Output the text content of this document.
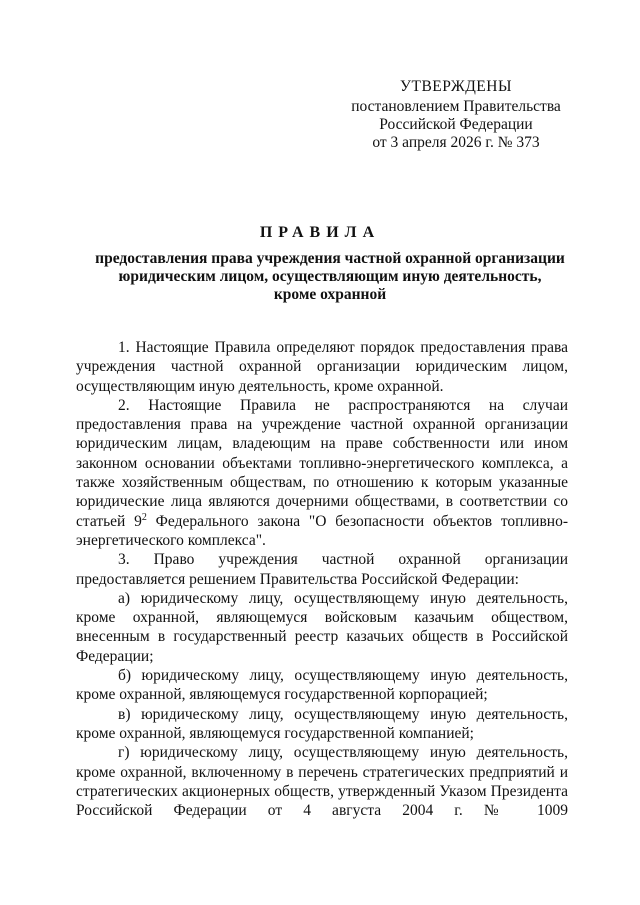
УТВЕРЖДЕНЫ
постановлением Правительства
Российской Федерации
от 3 апреля 2026 г. № 373
ПРАВИЛА
предоставления права учреждения частной охранной организации
юридическим лицом, осуществляющим иную деятельность,
кроме охранной

1. Настоящие Правила определяют порядок предоставления права учреждения частной охранной организации юридическим лицом, осуществляющим иную деятельность, кроме охранной.

2. Настоящие Правила не распространяются на случаи предоставления права на учреждение частной охранной организации юридическим лицам, владеющим на праве собственности или ином законном основании объектами топливно-энергетического комплекса, а также хозяйственным обществам, по отношению к которым указанные юридические лица являются дочерними обществами, в соответствии со статьей $9^2$ Федерального закона "О безопасности объектов топливно-энергетического комплекса".

3. Право учреждения частной охранной организации предоставляется решением Правительства Российской Федерации:

а) юридическому лицу, осуществляющему иную деятельность, кроме охранной, являющемуся войсковым казачьим обществом, внесенным в государственный реестр казачьих обществ в Российской Федерации;

б) юридическому лицу, осуществляющему иную деятельность, кроме охранной, являющемуся государственной корпорацией;

в) юридическому лицу, осуществляющему иную деятельность, кроме охранной, являющемуся государственной компанией;

г) юридическому лицу, осуществляющему иную деятельность, кроме охранной, включенному в перечень стратегических предприятий и стратегических акционерных обществ, утвержденный Указом Президента Российской Федерации от 4 августа 2004 г. № 1009
